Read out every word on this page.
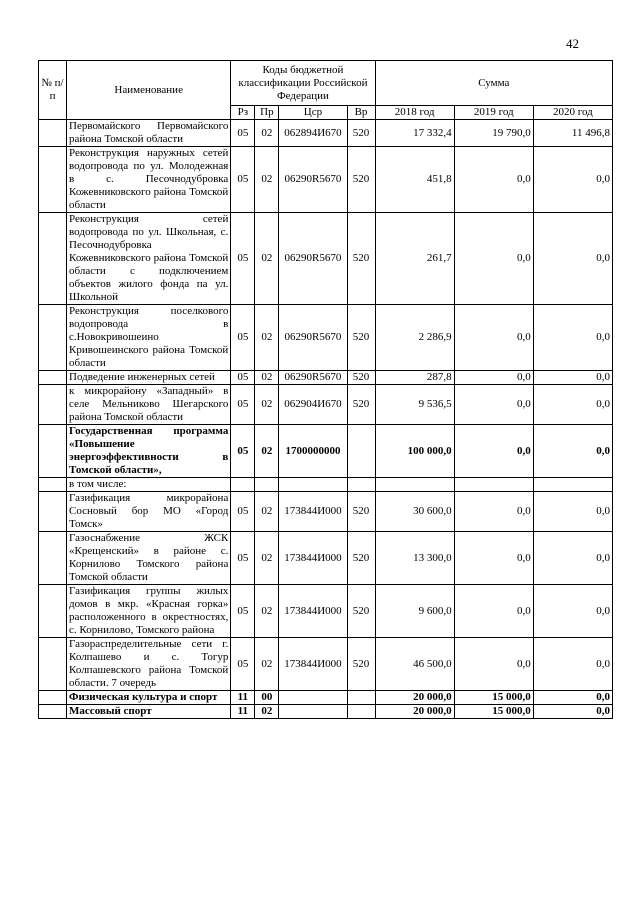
42
№ п/п	Наименование	Коды бюджетной классификации Российской Федерации				Сумма		
		Рз	Пр	Цср	Вр	2018 год	2019 год	2020 год
	Первомайского Первомайского района Томской области	05	02	062894И670	520	17 332,4	19 790,0	11 496,8
	Реконструкция наружных сетей водопровода по ул. Молодежная в с. Песочнодубровка Кожевниковского района Томской области	05	02	06290R5670	520	451,8	0,0	0,0
	Реконструкция сетей водопровода по ул. Школьная, с. Песочнодубровка Кожевниковского района Томской области с подключением объектов жилого фонда па ул. Школьной	05	02	06290R5670	520	261,7	0,0	0,0
	Реконструкция поселкового водопровода в с.Новокривошеино Кривошеинского района Томской области	05	02	06290R5670	520	2 286,9	0,0	0,0
	Подведение инженерных сетей	05	02	06290R5670	520	287,8	0,0	0,0
	к микрорайону «Западный» в селе Мельниково Шегарского района Томской области	05	02	062904И670	520	9 536,5	0,0	0,0
	Государственная программа «Повышение энергоэффективности в Томской области»,	05	02	1700000000		100 000,0	0,0	0,0
	в том числе:							
	Газификация микрорайона Сосновый бор МО «Город Томск»	05	02	173844И000	520	30 600,0	0,0	0,0
	Газоснабжение ЖСК «Крещенский» в районе с. Корнилово Томского района Томской области	05	02	173844И000	520	13 300,0	0,0	0,0
	Газификация группы жилых домов в мкр. «Красная горка» расположенного в окрестностях, с. Корнилово, Томского района	05	02	173844И000	520	9 600,0	0,0	0,0
	Газораспределительные сети г. Колпашево и с. Тогур Колпашевского района Томской области. 7 очередь	05	02	173844И000	520	46 500,0	0,0	0,0
	Физическая культура и спорт	11	00			20 000,0	15 000,0	0,0
	Массовый спорт	11	02			20 000,0	15 000,0	0,0
